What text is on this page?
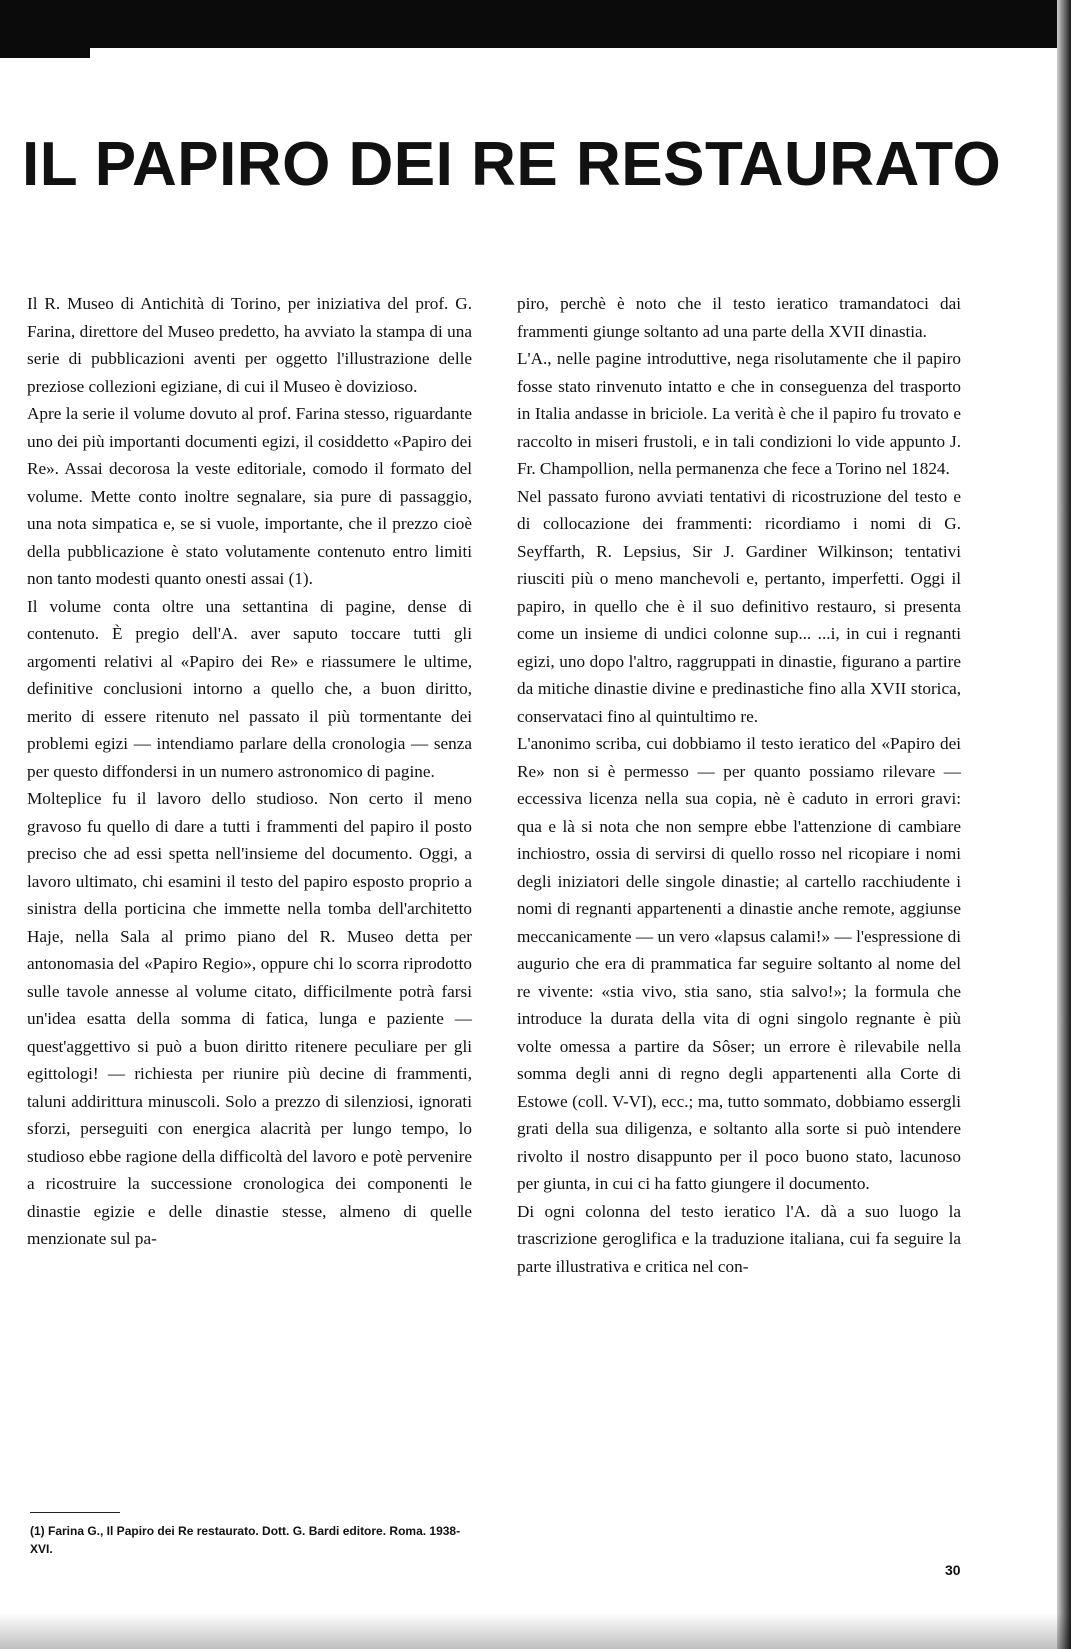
IL PAPIRO DEI RE RESTAURATO

Il R. Museo di Antichità di Torino, per iniziativa del prof. G. Farina, direttore del Museo predetto, ha avviato la stampa di una serie di pubblicazioni aventi per oggetto l'illustrazione delle preziose collezioni egiziane, di cui il Museo è dovizioso.

Apre la serie il volume dovuto al prof. Farina stesso, riguardante uno dei più importanti documenti egizi, il cosiddetto «Papiro dei Re». Assai decorosa la veste editoriale, comodo il formato del volume. Mette conto inoltre segnalare, sia pure di passaggio, una nota simpatica e, se si vuole, importante, che il prezzo cioè della pubblicazione è stato volutamente contenuto entro limiti non tanto modesti quanto onesti assai (1).

Il volume conta oltre una settantina di pagine, dense di contenuto. È pregio dell'A. aver saputo toccare tutti gli argomenti relativi al «Papiro dei Re» e riassumere le ultime, definitive conclusioni intorno a quello che, a buon diritto, merito di essere ritenuto nel passato il più tormentante dei problemi egizi — intendiamo parlare della cronologia — senza per questo diffondersi in un numero astronomico di pagine.

Molteplice fu il lavoro dello studioso. Non certo il meno gravoso fu quello di dare a tutti i frammenti del papiro il posto preciso che ad essi spetta nell'insieme del documento. Oggi, a lavoro ultimato, chi esamini il testo del papiro esposto proprio a sinistra della porticina che immette nella tomba dell'architetto Haje, nella Sala al primo piano del R. Museo detta per antonomasia del «Papiro Regio», oppure chi lo scorra riprodotto sulle tavole annesse al volume citato, difficilmente potrà farsi un'idea esatta della somma di fatica, lunga e paziente — quest'aggettivo si può a buon diritto ritenere peculiare per gli egittologi! — richiesta per riunire più decine di frammenti, taluni addirittura minuscoli. Solo a prezzo di silenziosi, ignorati sforzi, perseguiti con energica alacrità per lungo tempo, lo studioso ebbe ragione della difficoltà del lavoro e potè pervenire a ricostruire la successione cronologica dei componenti le dinastie egizie e delle dinastie stesse, almeno di quelle menzionate sul pa-

piro, perchè è noto che il testo ieratico tramandatoci dai frammenti giunge soltanto ad una parte della XVII dinastia.

L'A., nelle pagine introduttive, nega risolutamente che il papiro fosse stato rinvenuto intatto e che in conseguenza del trasporto in Italia andasse in briciole. La verità è che il papiro fu trovato e raccolto in miseri frustoli, e in tali condizioni lo vide appunto J. Fr. Champollion, nella permanenza che fece a Torino nel 1824.

Nel passato furono avviati tentativi di ricostruzione del testo e di collocazione dei frammenti: ricordiamo i nomi di G. Seyffarth, R. Lepsius, Sir J. Gardiner Wilkinson; tentativi riusciti più o meno manchevoli e, pertanto, imperfetti. Oggi il papiro, in quello che è il suo definitivo restauro, si presenta come un insieme di undici colonne sup... ...i, in cui i regnanti egizi, uno dopo l'altro, raggruppati in dinastie, figurano a partire da mitiche dinastie divine e predinastiche fino alla XVII storica, conservataci fino al quintultimo re.

L'anonimo scriba, cui dobbiamo il testo ieratico del «Papiro dei Re» non si è permesso — per quanto possiamo rilevare — eccessiva licenza nella sua copia, nè è caduto in errori gravi: qua e là si nota che non sempre ebbe l'attenzione di cambiare inchiostro, ossia di servirsi di quello rosso nel ricopiare i nomi degli iniziatori delle singole dinastie; al cartello racchiudente i nomi di regnanti appartenenti a dinastie anche remote, aggiunse meccanicamente — un vero «lapsus calami!» — l'espressione di augurio che era di prammatica far seguire soltanto al nome del re vivente: «stia vivo, stia sano, stia salvo!»; la formula che introduce la durata della vita di ogni singolo regnante è più volte omessa a partire da Sôser; un errore è rilevabile nella somma degli anni di regno degli appartenenti alla Corte di Estowe (coll. V-VI), ecc.; ma, tutto sommato, dobbiamo essergli grati della sua diligenza, e soltanto alla sorte si può intendere rivolto il nostro disappunto per il poco buono stato, lacunoso per giunta, in cui ci ha fatto giungere il documento.

Di ogni colonna del testo ieratico l'A. dà a suo luogo la trascrizione geroglifica e la traduzione italiana, cui fa seguire la parte illustrativa e critica nel con-

(1) Farina G., Il Papiro dei Re restaurato. Dott. G. Bardi editore. Roma. 1938-XVI.
30
